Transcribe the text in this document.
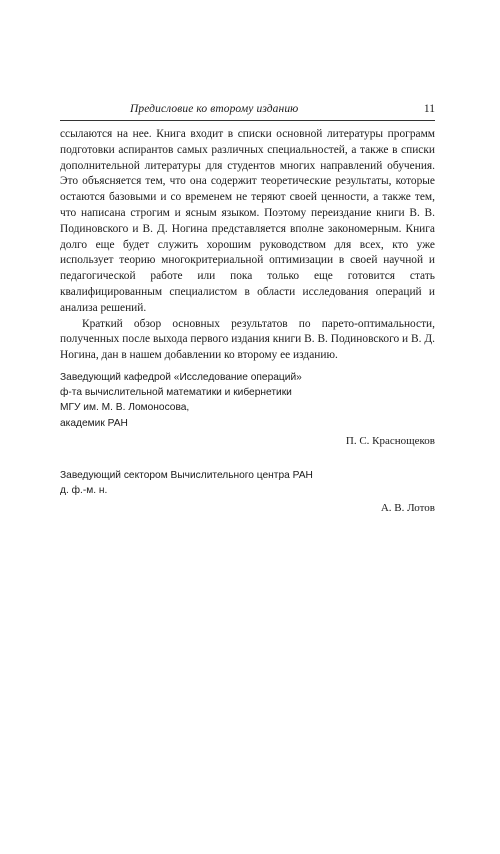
Предисловие ко второму изданию	11

ссылаются на нее. Книга входит в списки основной литературы программ подготовки аспирантов самых различных специальностей, а также в списки дополнительной литературы для студентов многих направлений обучения. Это объясняется тем, что она содержит теоретические результаты, которые остаются базовыми и со временем не теряют своей ценности, а также тем, что написана строгим и ясным языком. Поэтому переиздание книги В. В. Подиновского и В. Д. Ногина представляется вполне закономерным. Книга долго еще будет служить хорошим руководством для всех, кто уже использует теорию многокритериальной оптимизации в своей научной и педагогической работе или пока только еще готовится стать квалифицированным специалистом в области исследования операций и анализа решений.

Краткий обзор основных результатов по парето-оптимальности, полученных после выхода первого издания книги В. В. Подиновского и В. Д. Ногина, дан в нашем добавлении ко второму ее изданию.

Заведующий кафедрой «Исследование операций»
ф-та вычислительной математики и кибернетики
МГУ им. М. В. Ломоносова,
академик РАН
П. С. Краснощеков
Заведующий сектором Вычислительного центра РАН
д. ф.-м. н.
А. В. Лотов
